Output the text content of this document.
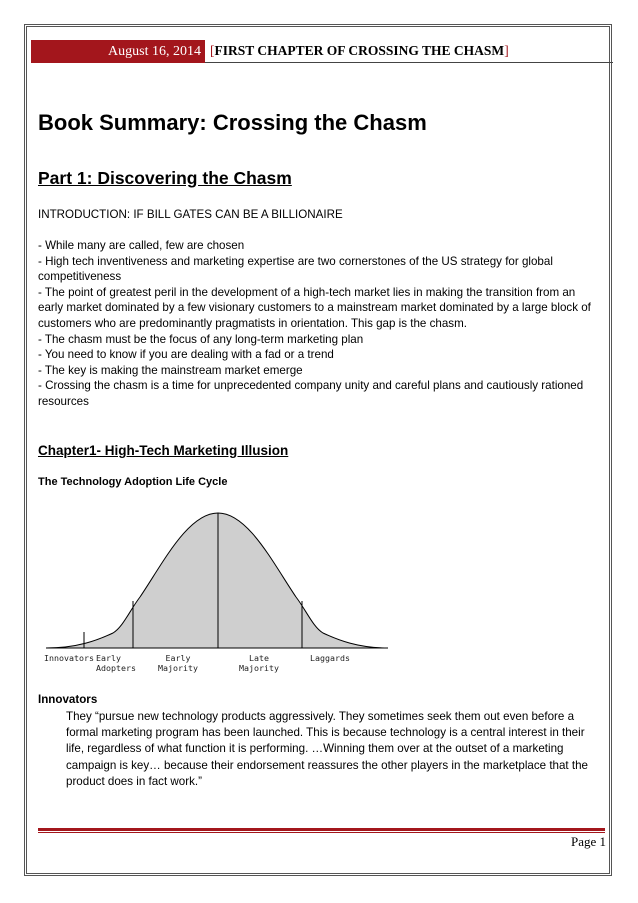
August 16, 2014 [FIRST CHAPTER OF CROSSING THE CHASM]
Book Summary: Crossing the Chasm
Part 1: Discovering the Chasm
INTRODUCTION: IF BILL GATES CAN BE A BILLIONAIRE
- While many are called, few are chosen
- High tech inventiveness and marketing expertise are two cornerstones of the US strategy for global competitiveness
- The point of greatest peril in the development of a high-tech market lies in making the transition from an early market dominated by a few visionary customers to a mainstream market dominated by a large block of customers who are predominantly pragmatists in orientation. This gap is the chasm.
- The chasm must be the focus of any long-term marketing plan
- You need to know if you are dealing with a fad or a trend
- The key is making the mainstream market emerge
- Crossing the chasm is a time for unprecedented company unity and careful plans and cautiously rationed resources
Chapter1- High-Tech Marketing Illusion
The Technology Adoption Life Cycle
Innovators Early
Adopters
Early
Majority
Late
Majority
Laggards
Innovators
They “pursue new technology products aggressively. They sometimes seek them out even before a formal marketing program has been launched. This is because technology is a central interest in their life, regardless of what function it is performing. …Winning them over at the outset of a marketing campaign is key… because their endorsement reassures the other players in the marketplace that the product does in fact work.”
Page 1
